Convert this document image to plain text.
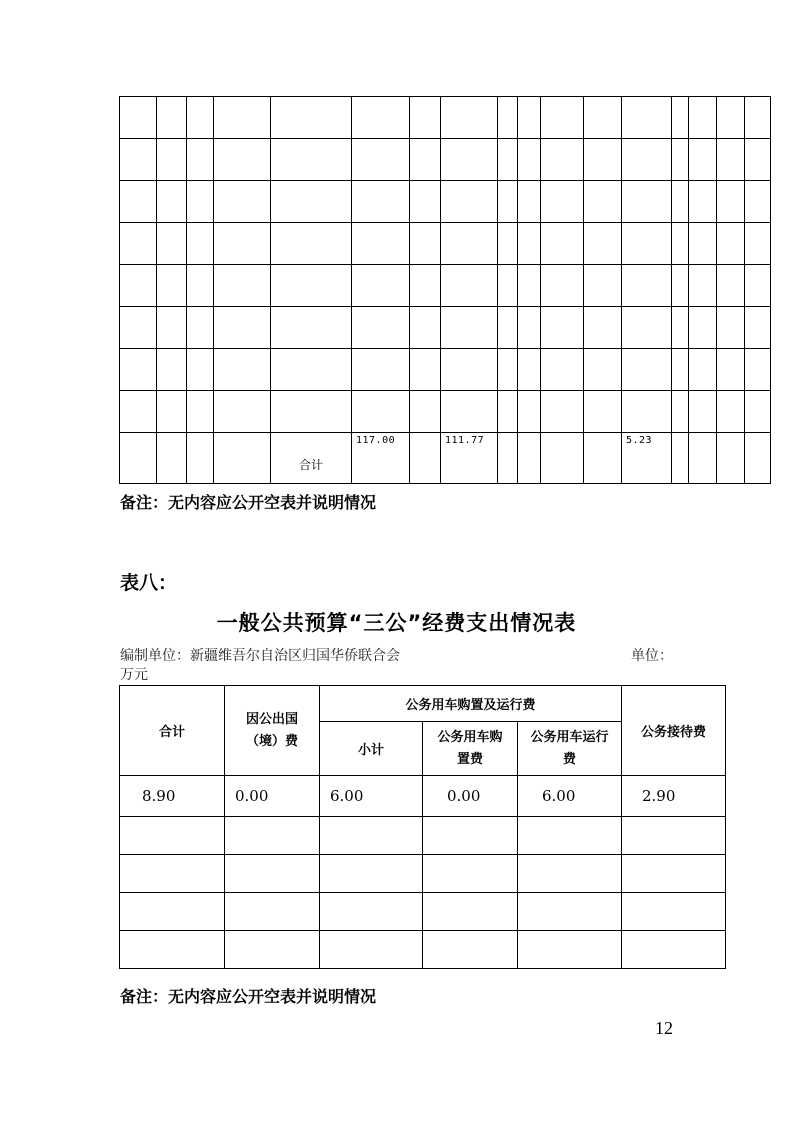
				合计	117.00		111.77					5.23				
备注：无内容应公开空表并说明情况
表八：
一般公共预算“三公”经费支出情况表
编制单位：新疆维吾尔自治区归国华侨联合会	单位：
万元
合计	因公出国（境）费	公务用车购置及运行费			公务接待费
		小计	公务用车购置费	公务用车运行费	

8.90	0.00	6.00	0.00	6.00	2.90

备注：无内容应公开空表并说明情况
12
